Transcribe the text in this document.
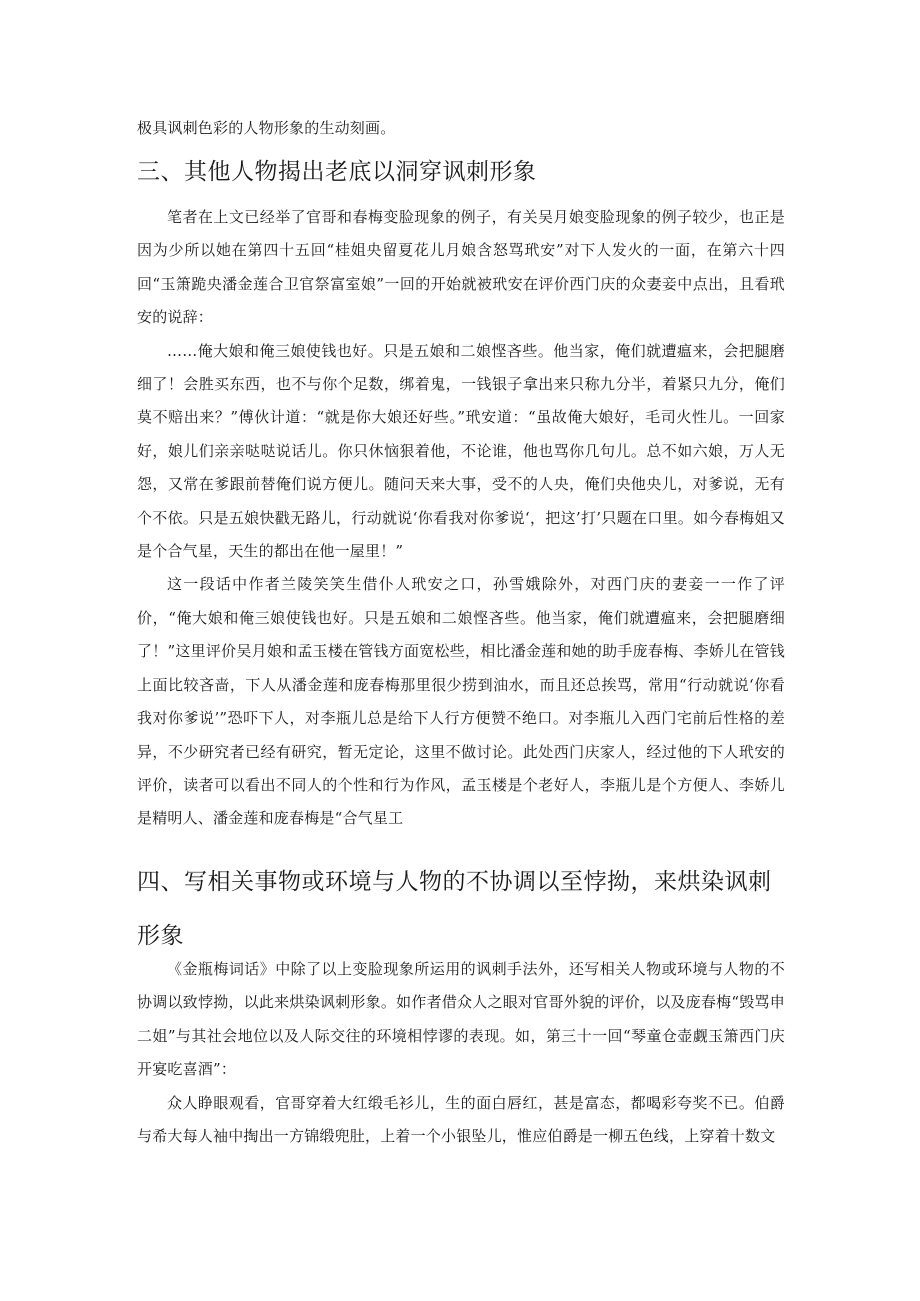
极具讽刺色彩的人物形象的生动刻画。

三、其他人物揭出老底以洞穿讽刺形象

笔者在上文已经举了官哥和春梅变脸现象的例子，有关吴月娘变脸现象的例子较少，也正是因为少所以她在第四十五回“桂姐央留夏花儿月娘含怒骂玳安”对下人发火的一面，在第六十四回“玉箫跪央潘金莲合卫官祭富室娘”一回的开始就被玳安在评价西门庆的众妻妾中点出，且看玳安的说辞：

……俺大娘和俺三娘使钱也好。只是五娘和二娘悭吝些。他当家，俺们就遭瘟来，会把腿磨细了！会胜买东西，也不与你个足数，绑着鬼，一钱银子拿出来只称九分半，着紧只九分，俺们莫不赔出来？”傅伙计道：“就是你大娘还好些。”玳安道：“虽故俺大娘好，毛司火性儿。一回家好，娘儿们亲亲哒哒说话儿。你只休恼狠着他，不论谁，他也骂你几句儿。总不如六娘，万人无怨，又常在爹跟前替俺们说方便儿。随问天来大事，受不的人央，俺们央他央儿，对爹说，无有个不依。只是五娘快戳无路儿，行动就说‘你看我对你爹说‘，把这’打’只题在口里。如今春梅姐又是个合气星，天生的都出在他一屋里！”

这一段话中作者兰陵笑笑生借仆人玳安之口，孙雪娥除外，对西门庆的妻妾一一作了评价，“俺大娘和俺三娘使钱也好。只是五娘和二娘悭吝些。他当家，俺们就遭瘟来，会把腿磨细了！”这里评价吴月娘和孟玉楼在管钱方面宽松些，相比潘金莲和她的助手庞春梅、李娇儿在管钱上面比较吝啬，下人从潘金莲和庞春梅那里很少捞到油水，而且还总挨骂，常用“行动就说‘你看我对你爹说’”恐吓下人，对李瓶儿总是给下人行方便赞不绝口。对李瓶儿入西门宅前后性格的差异，不少研究者已经有研究，暂无定论，这里不做讨论。此处西门庆家人，经过他的下人玳安的评价，读者可以看出不同人的个性和行为作风，孟玉楼是个老好人，李瓶儿是个方便人、李娇儿是精明人、潘金莲和庞春梅是“合气星工

四、写相关事物或环境与人物的不协调以至悖拗，来烘染讽刺形象

《金瓶梅词话》中除了以上变脸现象所运用的讽刺手法外，还写相关人物或环境与人物的不协调以致悖拗，以此来烘染讽刺形象。如作者借众人之眼对官哥外貌的评价，以及庞春梅“毁骂申二姐”与其社会地位以及人际交往的环境相悖谬的表现。如，第三十一回“琴童仓壶觑玉箫西门庆开宴吃喜酒”：

众人睁眼观看，官哥穿着大红缎毛衫儿，生的面白唇红，甚是富态，都喝彩夸奖不已。伯爵与希大每人袖中掏出一方锦缎兜肚，上着一个小银坠儿，惟应伯爵是一柳五色线，上穿着十数文
